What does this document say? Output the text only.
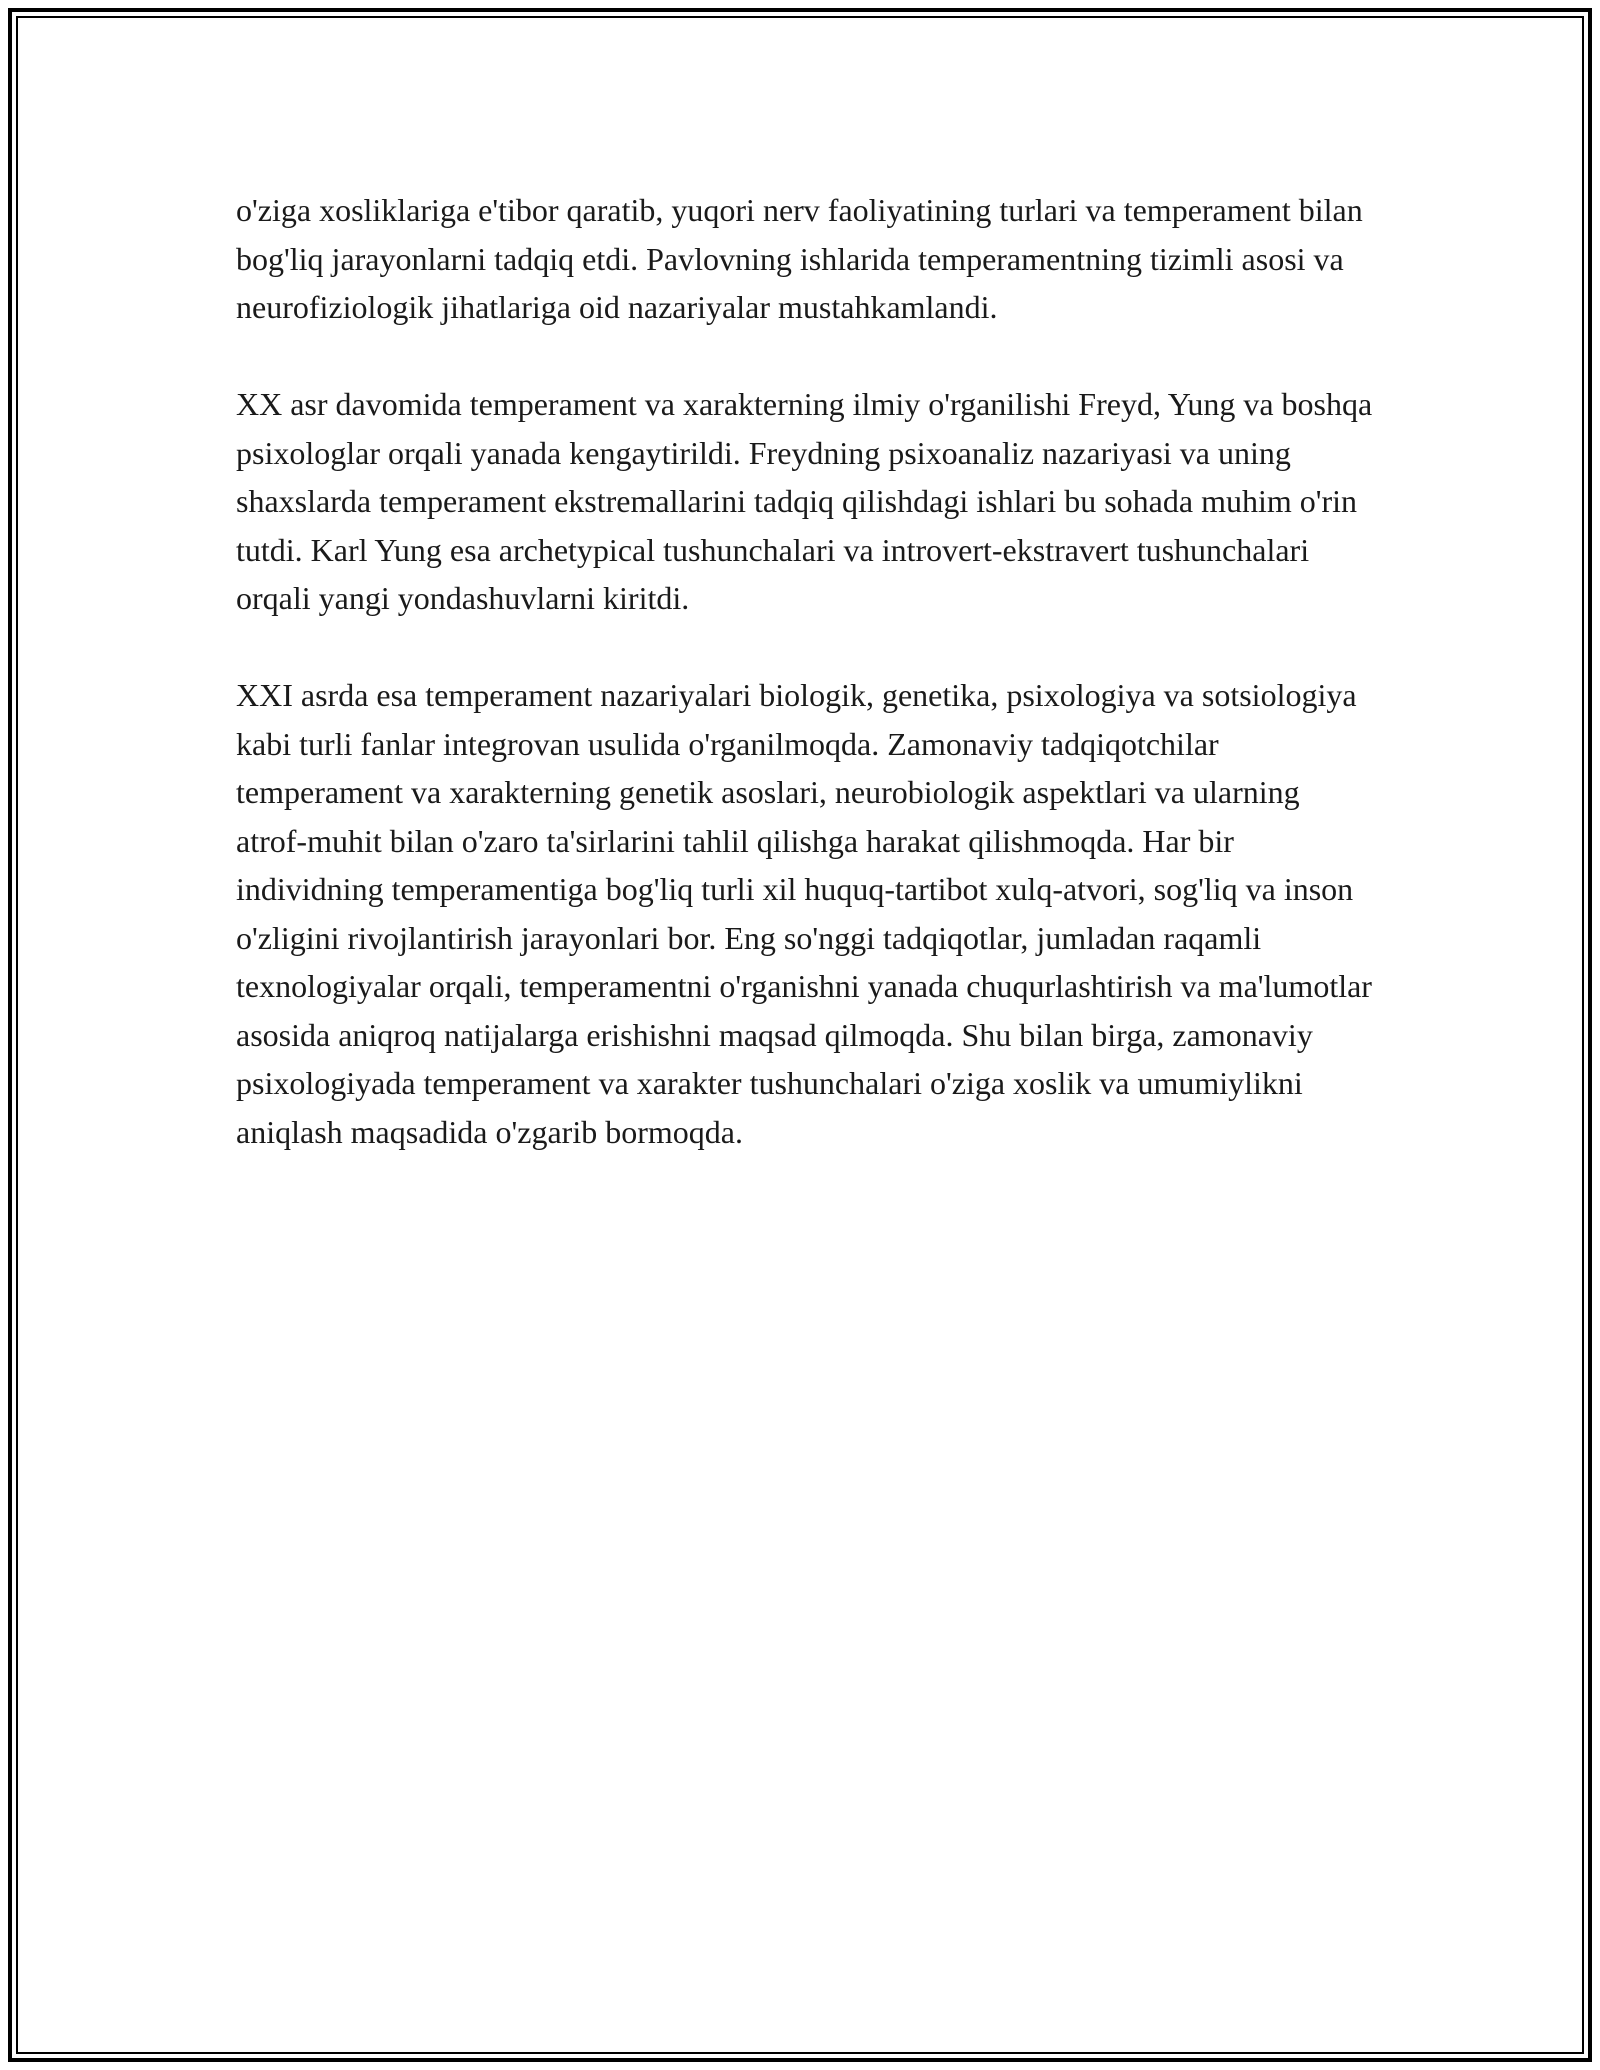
o'ziga xosliklariga e'tibor qaratib, yuqori nerv faoliyatining turlari va temperament bilan bog'liq jarayonlarni tadqiq etdi. Pavlovning ishlarida temperamentning tizimli asosi va neurofiziologik jihatlariga oid nazariyalar mustahkamlandi.

XX asr davomida temperament va xarakterning ilmiy o'rganilishi Freyd, Yung va boshqa psixologlar orqali yanada kengaytirildi. Freydning psixoanaliz nazariyasi va uning shaxslarda temperament ekstremallarini tadqiq qilishdagi ishlari bu sohada muhim o'rin tutdi. Karl Yung esa archetypical tushunchalari va introvert-ekstravert tushunchalari orqali yangi yondashuvlarni kiritdi.

XXI asrda esa temperament nazariyalari biologik, genetika, psixologiya va sotsiologiya kabi turli fanlar integrovan usulida o'rganilmoqda. Zamonaviy tadqiqotchilar temperament va xarakterning genetik asoslari, neurobiologik aspektlari va ularning atrof-muhit bilan o'zaro ta'sirlarini tahlil qilishga harakat qilishmoqda. Har bir individning temperamentiga bog'liq turli xil huquq-tartibot xulq-atvori, sog'liq va inson o'zligini rivojlantirish jarayonlari bor. Eng so'nggi tadqiqotlar, jumladan raqamli texnologiyalar orqali, temperamentni o'rganishni yanada chuqurlashtirish va ma'lumotlar asosida aniqroq natijalarga erishishni maqsad qilmoqda. Shu bilan birga, zamonaviy psixologiyada temperament va xarakter tushunchalari o'ziga xoslik va umumiylikni aniqlash maqsadida o'zgarib bormoqda.
